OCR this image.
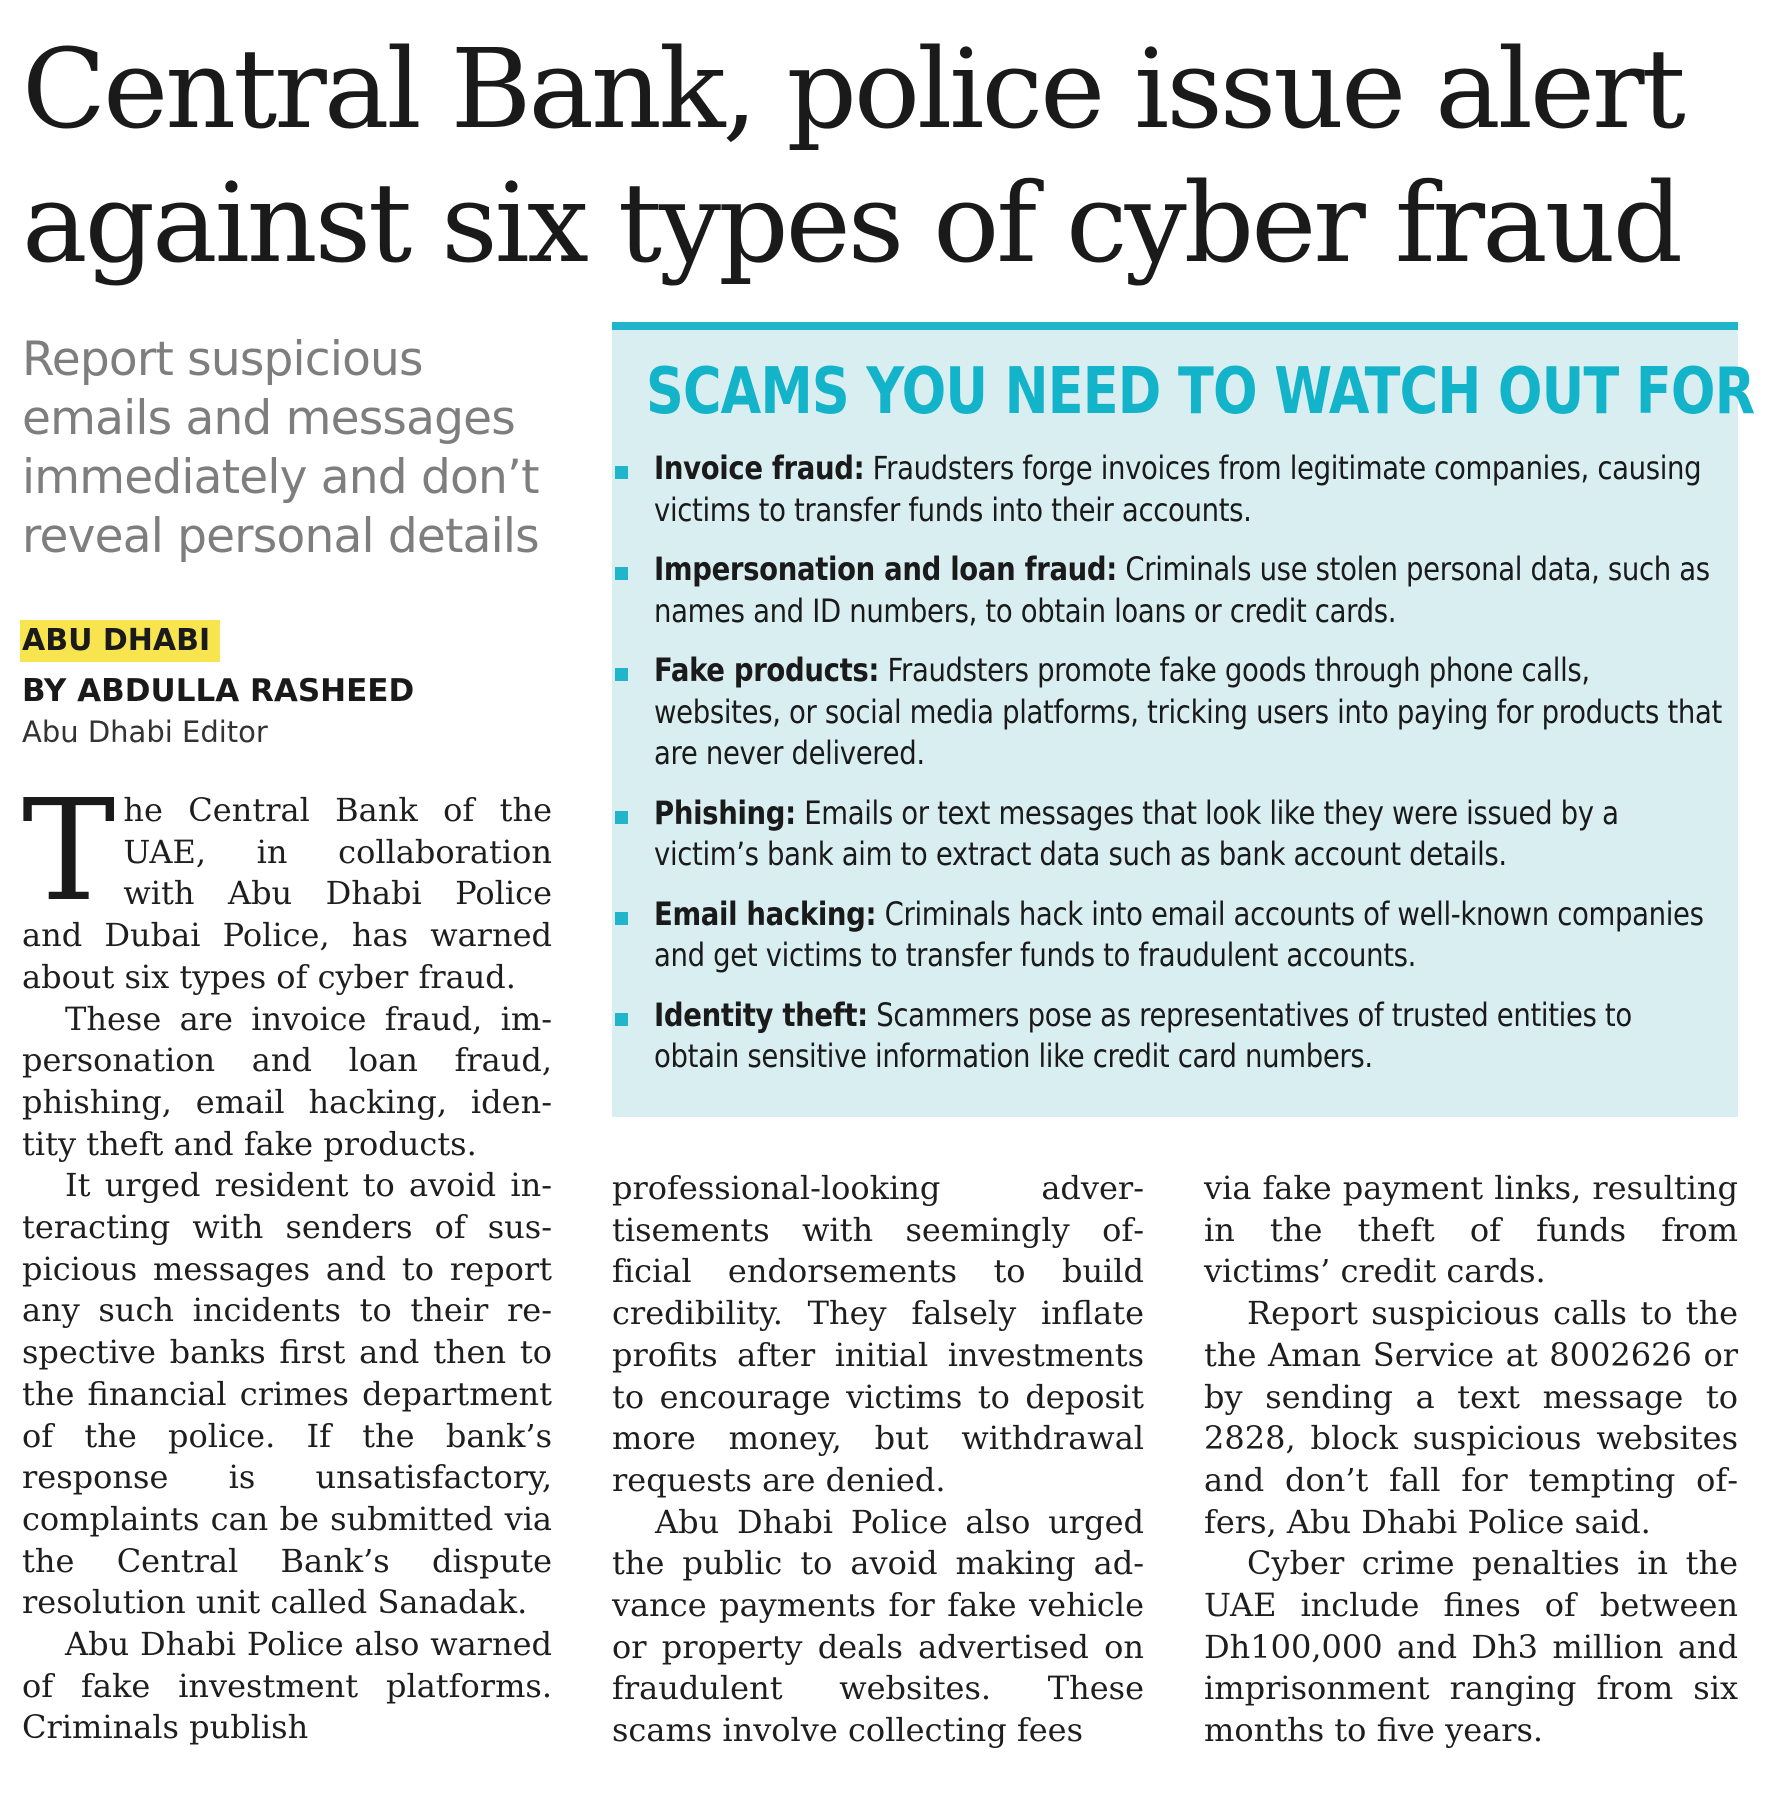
Central Bank, police issue alert against six types of cyber fraud

Report suspicious emails and messages immediately and don’t reveal personal details

ABU DHABI
BY ABDULLA RASHEED
Abu Dhabi Editor

The Central Bank of the UAE, in collaboration with Abu Dhabi Police and Dubai Police, has warned about six types of cyber fraud.

These are invoice fraud, impersonation and loan fraud, phishing, email hacking, identity theft and fake products.

It urged resident to avoid interacting with senders of suspicious messages and to report any such incidents to their respective banks first and then to the financial crimes department of the police. If the bank’s response is unsatisfactory, complaints can be submitted via the Central Bank’s dispute resolution unit called Sanadak.

Abu Dhabi Police also warned of fake investment platforms. Criminals publish

SCAMS YOU NEED TO WATCH OUT FOR
Invoice fraud: Fraudsters forge invoices from legitimate companies, causing victims to transfer funds into their accounts.
Impersonation and loan fraud: Criminals use stolen personal data, such as names and ID numbers, to obtain loans or credit cards.
Fake products: Fraudsters promote fake goods through phone calls, websites, or social media platforms, tricking users into paying for products that are never delivered.
Phishing: Emails or text messages that look like they were issued by a victim’s bank aim to extract data such as bank account details.
Email hacking: Criminals hack into email accounts of well-known companies and get victims to transfer funds to fraudulent accounts.
Identity theft: Scammers pose as representatives of trusted entities to obtain sensitive information like credit card numbers.

professional-looking advertisements with seemingly official endorsements to build credibility. They falsely inflate profits after initial investments to encourage victims to deposit more money, but withdrawal requests are denied.

Abu Dhabi Police also urged the public to avoid making advance payments for fake vehicle or property deals advertised on fraudulent websites. These scams involve collecting fees

via fake payment links, resulting in the theft of funds from victims’ credit cards.

Report suspicious calls to the the Aman Service at 8002626 or by sending a text message to 2828, block suspicious websites and don’t fall for tempting offers, Abu Dhabi Police said.

Cyber crime penalties in the UAE include fines of between Dh100,000 and Dh3 million and imprisonment ranging from six months to five years.
